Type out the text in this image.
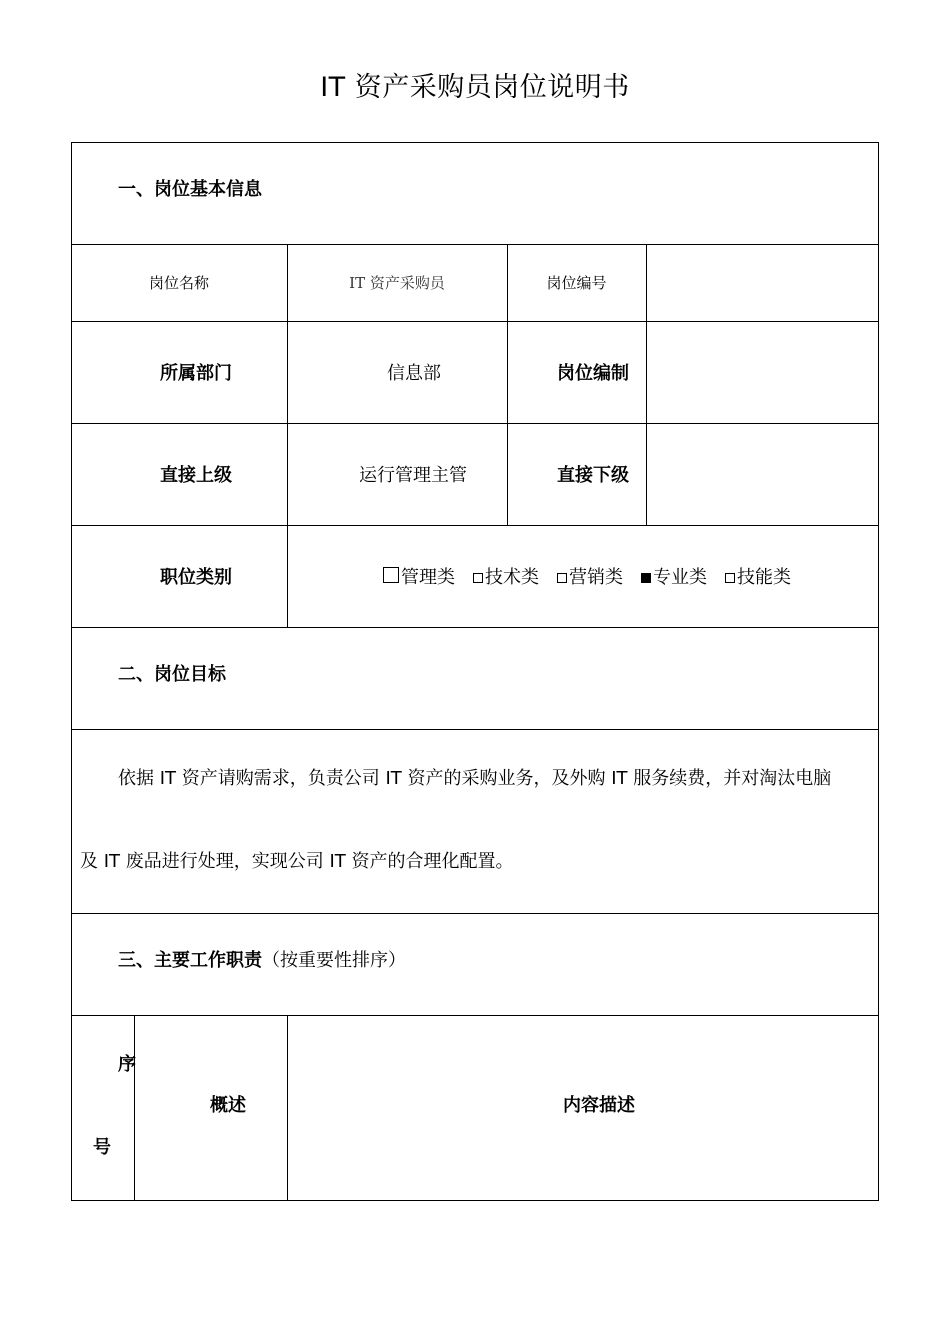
IT 资产采购员岗位说明书
一、岗位基本信息
岗位名称	IT 资产采购员	岗位编号
所属部门	信息部	岗位编制
直接上级	运行管理主管	直接下级
职位类别	管理类	技术类	营销类	专业类	技能类
二、岗位目标
依据 IT 资产请购需求，负责公司 IT 资产的采购业务，及外购 IT 服务续费，并对淘汰电脑
及 IT 废品进行处理，实现公司 IT 资产的合理化配置。
三、主要工作职责 （按重要性排序）
序
号
概述	内容描述
